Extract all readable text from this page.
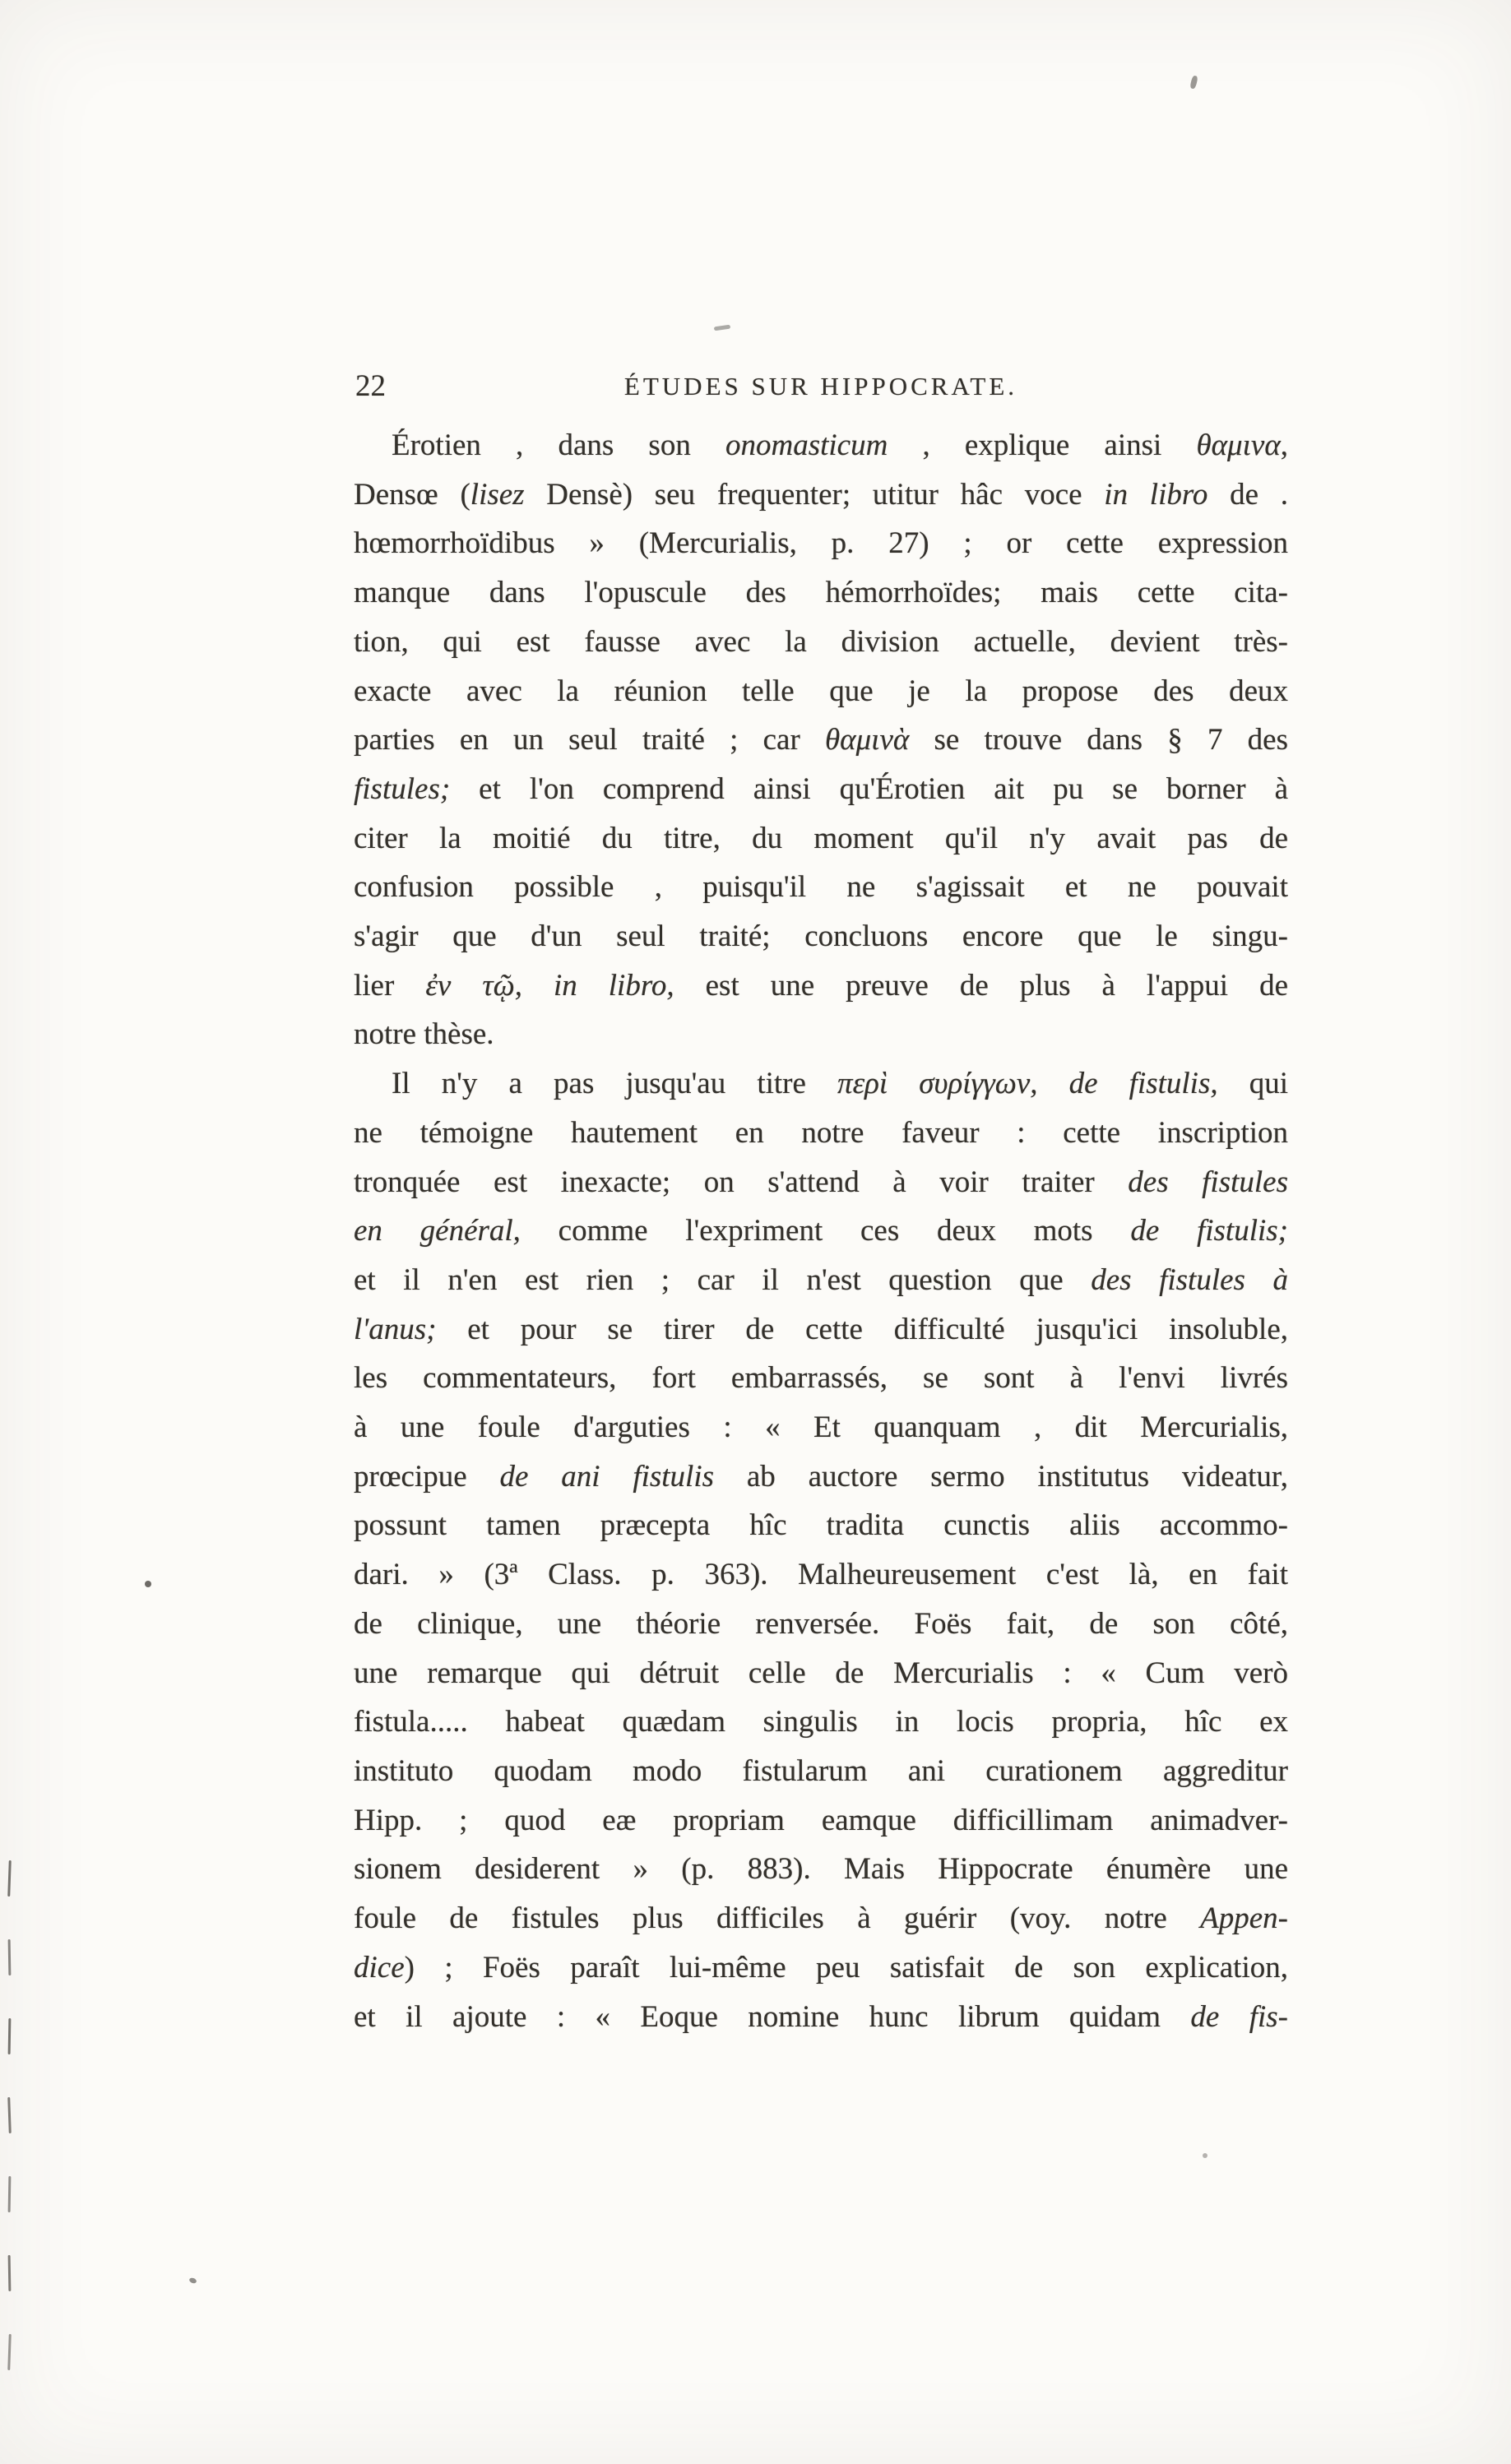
22	ÉTUDES SUR HIPPOCRATE.
Érotien , dans son onomasticum , explique ainsi θαμινα,
Densœ (lisez Densè) seu frequenter; utitur hâc voce in libro de .
hœmorrhoïdibus » (Mercurialis, p. 27) ; or cette expression
manque dans l'opuscule des hémorrhoïdes; mais cette cita-
tion, qui est fausse avec la division actuelle, devient très-
exacte avec la réunion telle que je la propose des deux
parties en un seul traité ; car θαμινὰ se trouve dans § 7 des
fistules; et l'on comprend ainsi qu'Érotien ait pu se borner à
citer la moitié du titre, du moment qu'il n'y avait pas de
confusion possible , puisqu'il ne s'agissait et ne pouvait
s'agir que d'un seul traité; concluons encore que le singu-
lier ἐν τῷ, in libro, est une preuve de plus à l'appui de
notre thèse.
Il n'y a pas jusqu'au titre περὶ συρίγγων, de fistulis, qui
ne témoigne hautement en notre faveur : cette inscription
tronquée est inexacte; on s'attend à voir traiter des fistules
en général, comme l'expriment ces deux mots de fistulis;
et il n'en est rien ; car il n'est question que des fistules à
l'anus; et pour se tirer de cette difficulté jusqu'ici insoluble,
les commentateurs, fort embarrassés, se sont à l'envi livrés
à une foule d'arguties : « Et quanquam , dit Mercurialis,
prœcipue de ani fistulis ab auctore sermo institutus videatur,
possunt tamen præcepta hîc tradita cunctis aliis accommo-
dari. » (3ª Class. p. 363). Malheureusement c'est là, en fait
de clinique, une théorie renversée. Foës fait, de son côté,
une remarque qui détruit celle de Mercurialis : « Cum verò
fistula..... habeat quædam singulis in locis propria, hîc ex
instituto quodam modo fistularum ani curationem aggreditur
Hipp. ; quod eæ propriam eamque difficillimam animadver-
sionem desiderent » (p. 883). Mais Hippocrate énumère une
foule de fistules plus difficiles à guérir (voy. notre Appen-
dice) ; Foës paraît lui-même peu satisfait de son explication,
et il ajoute : « Eoque nomine hunc librum quidam de fis-
